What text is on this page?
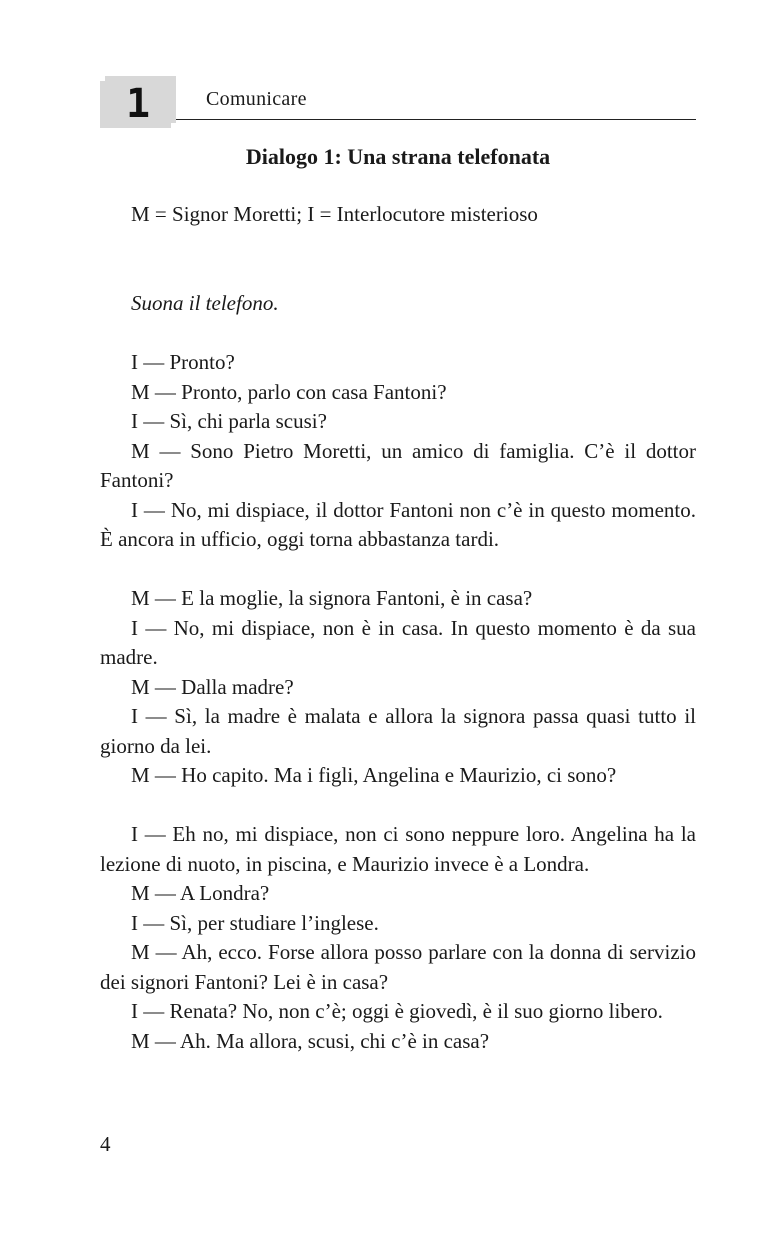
1	Comunicare
Dialogo 1: Una strana telefonata

M = Signor Moretti; I = Interlocutore misterioso

Suona il telefono.

I — Pronto?

M — Pronto, parlo con casa Fantoni?

I — Sì, chi parla scusi?

M — Sono Pietro Moretti, un amico di famiglia. C’è il dottor Fantoni?

I — No, mi dispiace, il dottor Fantoni non c’è in questo momento. È ancora in ufficio, oggi torna abbastanza tardi.

M — E la moglie, la signora Fantoni, è in casa?

I — No, mi dispiace, non è in casa. In questo momento è da sua madre.

M — Dalla madre?

I — Sì, la madre è malata e allora la signora passa quasi tutto il giorno da lei.

M — Ho capito. Ma i figli, Angelina e Maurizio, ci sono?

I — Eh no, mi dispiace, non ci sono neppure loro. Angelina ha la lezione di nuoto, in piscina, e Maurizio invece è a Londra.

M — A Londra?

I — Sì, per studiare l’inglese.

M — Ah, ecco. Forse allora posso parlare con la donna di servizio dei signori Fantoni? Lei è in casa?

I — Renata? No, non c’è; oggi è giovedì, è il suo giorno libero.

M — Ah. Ma allora, scusi, chi c’è in casa?

4
